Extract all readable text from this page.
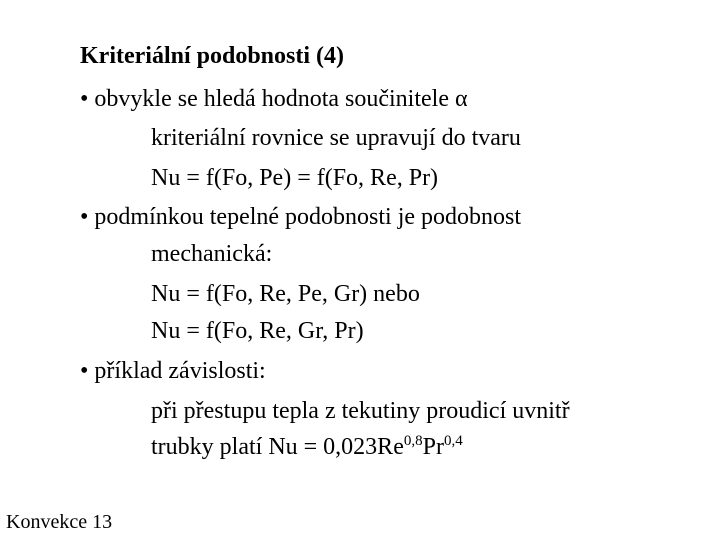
Kriteriální podobnosti (4)
• obvykle se hledá hodnota součinitele α
kriteriální rovnice se upravují do tvaru
Nu = f(Fo, Pe) = f(Fo, Re, Pr)
• podmínkou tepelné podobnosti je podobnost
mechanická:
Nu = f(Fo, Re, Pe, Gr) nebo
Nu = f(Fo, Re, Gr, Pr)
• příklad závislosti:
při přestupu tepla z tekutiny proudicí uvnitř
trubky platí Nu = 0,023Re$^{0,8}$Pr$^{0,4}$
Konvekce 13
